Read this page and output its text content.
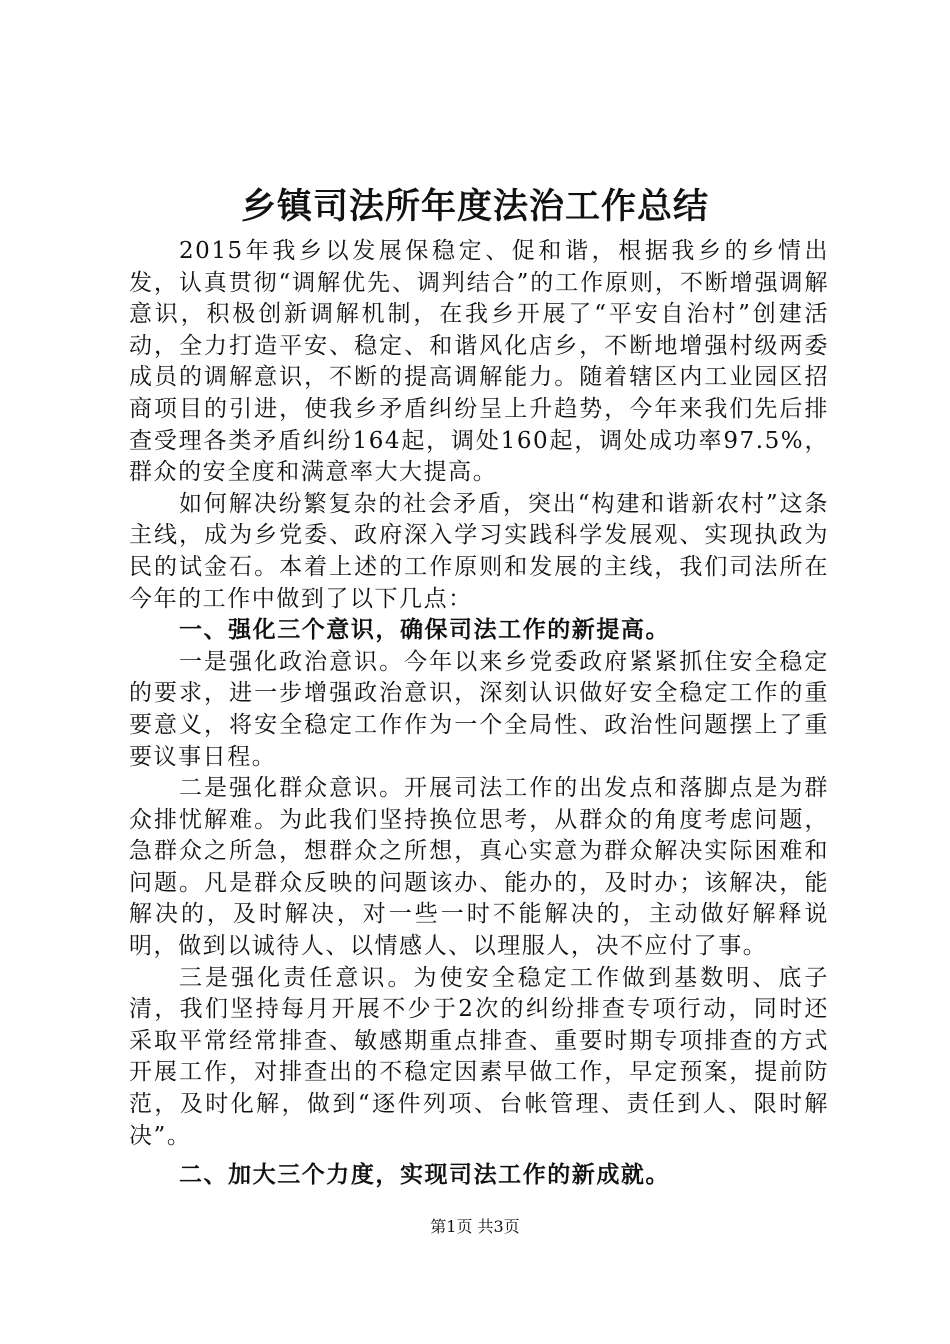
乡镇司法所年度法治工作总结

2015年我乡以发展保稳定、促和谐，根据我乡的乡情出发，认真贯彻“调解优先、调判结合”的工作原则，不断增强调解意识，积极创新调解机制，在我乡开展了“平安自治村”创建活动，全力打造平安、稳定、和谐风化店乡，不断地增强村级两委成员的调解意识，不断的提高调解能力。随着辖区内工业园区招商项目的引进，使我乡矛盾纠纷呈上升趋势，今年来我们先后排查受理各类矛盾纠纷164起，调处160起，调处成功率97.5%，群众的安全度和满意率大大提高。

如何解决纷繁复杂的社会矛盾，突出“构建和谐新农村”这条主线，成为乡党委、政府深入学习实践科学发展观、实现执政为民的试金石。本着上述的工作原则和发展的主线，我们司法所在今年的工作中做到了以下几点：

一、强化三个意识，确保司法工作的新提高。

一是强化政治意识。今年以来乡党委政府紧紧抓住安全稳定的要求，进一步增强政治意识，深刻认识做好安全稳定工作的重要意义，将安全稳定工作作为一个全局性、政治性问题摆上了重要议事日程。

二是强化群众意识。开展司法工作的出发点和落脚点是为群众排忧解难。为此我们坚持换位思考，从群众的角度考虑问题，急群众之所急，想群众之所想，真心实意为群众解决实际困难和问题。凡是群众反映的问题该办、能办的，及时办；该解决，能解决的，及时解决，对一些一时不能解决的，主动做好解释说明，做到以诚待人、以情感人、以理服人，决不应付了事。

三是强化责任意识。为使安全稳定工作做到基数明、底子清，我们坚持每月开展不少于2次的纠纷排查专项行动，同时还采取平常经常排查、敏感期重点排查、重要时期专项排查的方式开展工作，对排查出的不稳定因素早做工作，早定预案，提前防范，及时化解，做到“逐件列项、台帐管理、责任到人、限时解决”。

二、加大三个力度，实现司法工作的新成就。

第1页 共3页
